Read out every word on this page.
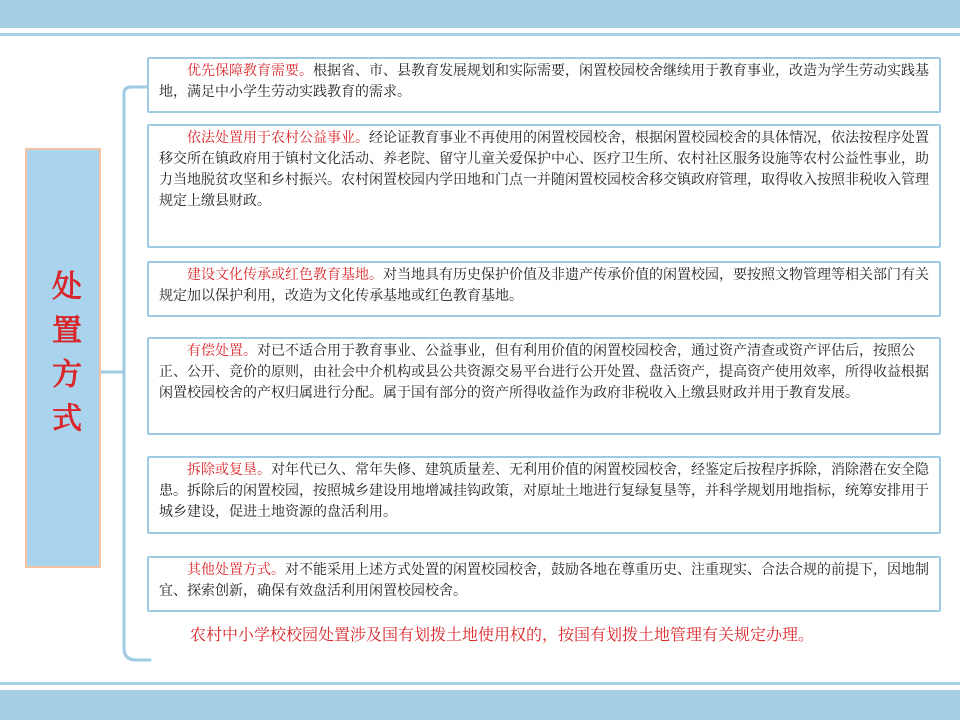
处置方式
优先保障教育需要。根据省、市、县教育发展规划和实际需要，闲置校园校舍继续用于教育事业，改造为学生劳动实践基地，满足中小学生劳动实践教育的需求。
依法处置用于农村公益事业。经论证教育事业不再使用的闲置校园校舍，根据闲置校园校舍的具体情况，依法按程序处置移交所在镇政府用于镇村文化活动、养老院、留守儿童关爱保护中心、医疗卫生所、农村社区服务设施等农村公益性事业，助力当地脱贫攻坚和乡村振兴。农村闲置校园内学田地和门点一并随闲置校园校舍移交镇政府管理，取得收入按照非税收入管理规定上缴县财政。
建设文化传承或红色教育基地。对当地具有历史保护价值及非遗产传承价值的闲置校园，要按照文物管理等相关部门有关规定加以保护利用，改造为文化传承基地或红色教育基地。
有偿处置。对已不适合用于教育事业、公益事业，但有利用价值的闲置校园校舍，通过资产清查或资产评估后，按照公正、公开、竞价的原则，由社会中介机构或县公共资源交易平台进行公开处置、盘活资产，提高资产使用效率，所得收益根据闲置校园校舍的产权归属进行分配。属于国有部分的资产所得收益作为政府非税收入上缴县财政并用于教育发展。
拆除或复垦。对年代已久、常年失修、建筑质量差、无利用价值的闲置校园校舍，经鉴定后按程序拆除，消除潜在安全隐患。拆除后的闲置校园，按照城乡建设用地增减挂钩政策，对原址土地进行复绿复垦等，并科学规划用地指标，统筹安排用于城乡建设，促进土地资源的盘活利用。
其他处置方式。对不能采用上述方式处置的闲置校园校舍，鼓励各地在尊重历史、注重现实、合法合规的前提下，因地制宜、探索创新，确保有效盘活利用闲置校园校舍。
农村中小学校校园处置涉及国有划拨土地使用权的，按国有划拨土地管理有关规定办理。
